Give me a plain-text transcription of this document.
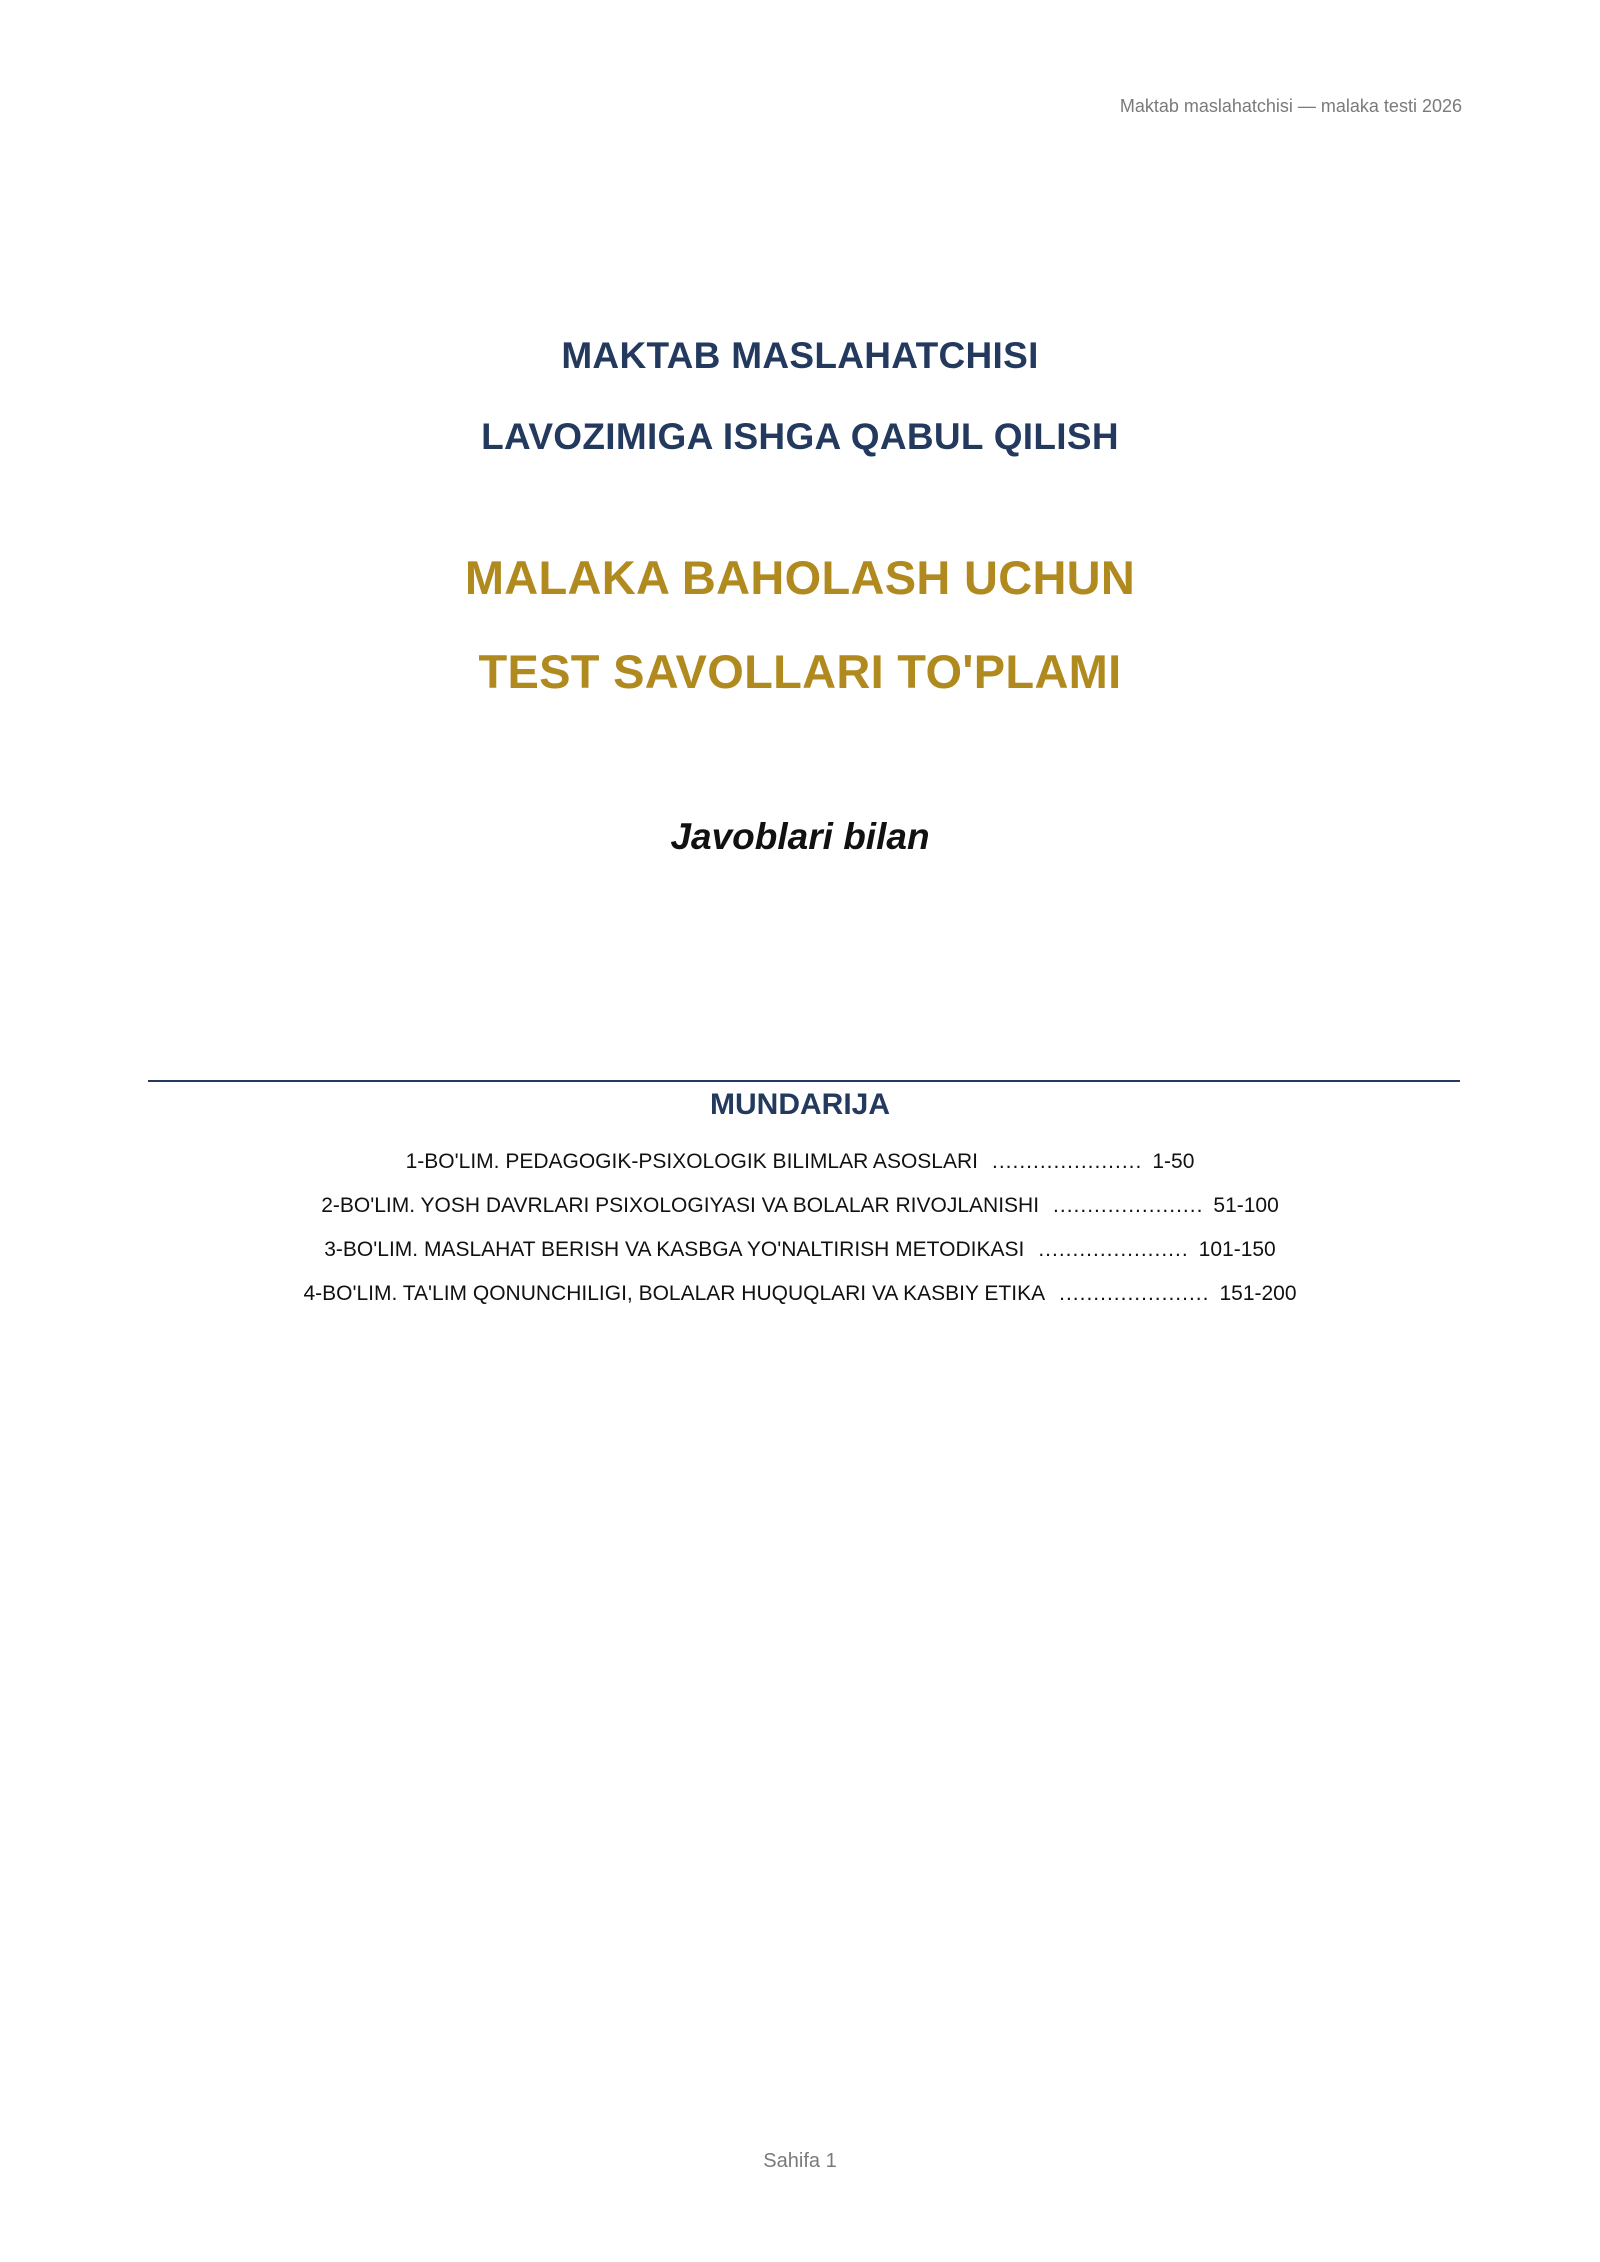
Maktab maslahatchisi — malaka testi 2026
MAKTAB MASLAHATCHISI
LAVOZIMIGA ISHGA QABUL QILISH
MALAKA BAHOLASH UCHUN
TEST SAVOLLARI TO'PLAMI
Javoblari bilan
MUNDARIJA
1-BO'LIM. PEDAGOGIK-PSIXOLOGIK BILIMLAR ASOSLARI ...................... 1-50
2-BO'LIM. YOSH DAVRLARI PSIXOLOGIYASI VA BOLALAR RIVOJLANISHI ...................... 51-100
3-BO'LIM. MASLAHAT BERISH VA KASBGA YO'NALTIRISH METODIKASI ...................... 101-150
4-BO'LIM. TA'LIM QONUNCHILIGI, BOLALAR HUQUQLARI VA KASBIY ETIKA ...................... 151-200
Sahifa 1
